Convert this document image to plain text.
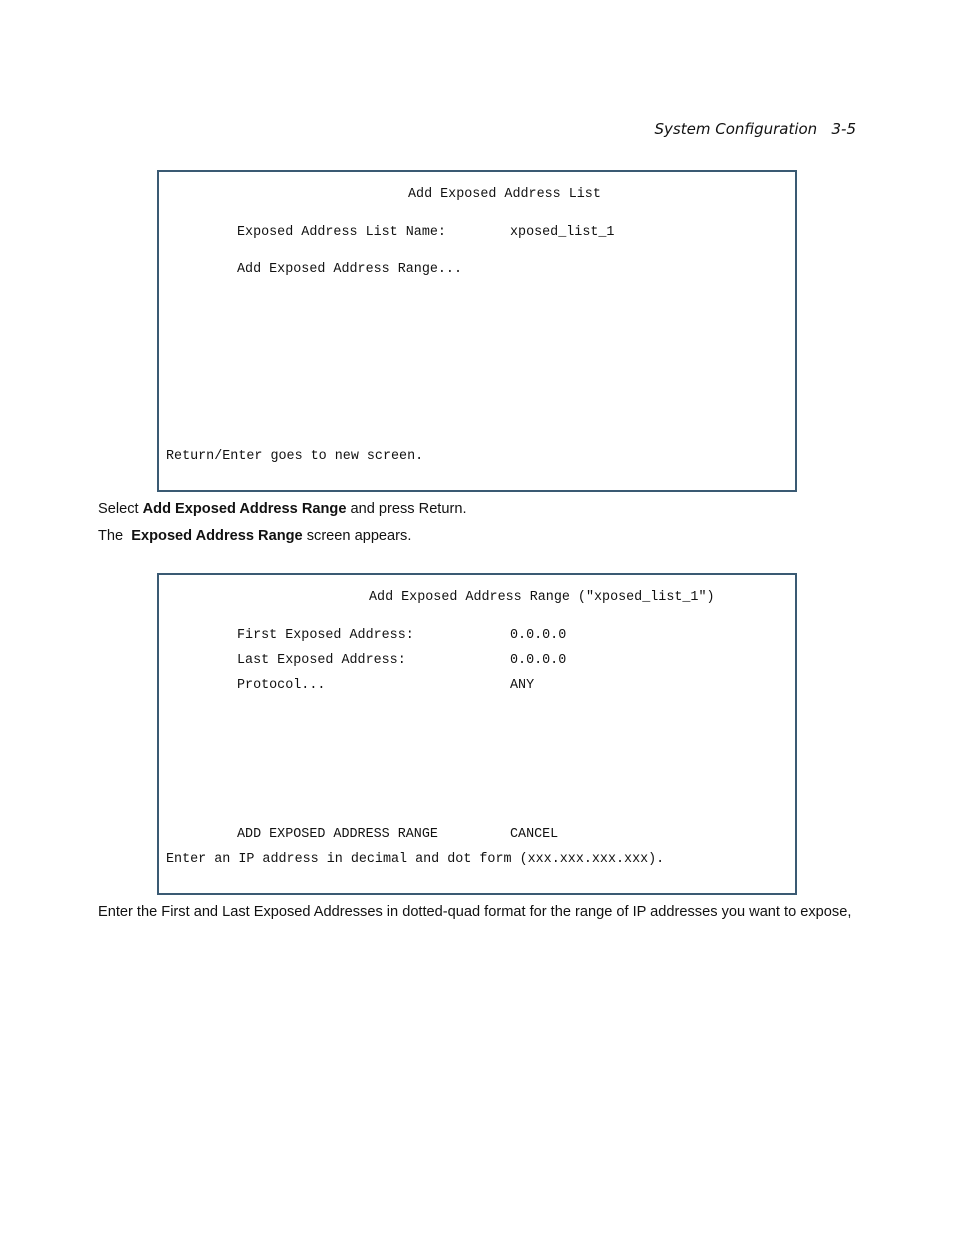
System Configuration 3-5
Add Exposed Address List
Exposed Address List Name:	xposed_list_1
Add Exposed Address Range...
Return/Enter goes to new screen.
Select Add Exposed Address Range and press Return.
The  Exposed Address Range screen appears.
Add Exposed Address Range ("xposed_list_1")
First Exposed Address:	0.0.0.0
Last Exposed Address:	0.0.0.0
Protocol...	ANY
ADD EXPOSED ADDRESS RANGE	CANCEL
Enter an IP address in decimal and dot form (xxx.xxx.xxx.xxx).
Enter the First and Last Exposed Addresses in dotted-quad format for the range of IP addresses you want to expose,
